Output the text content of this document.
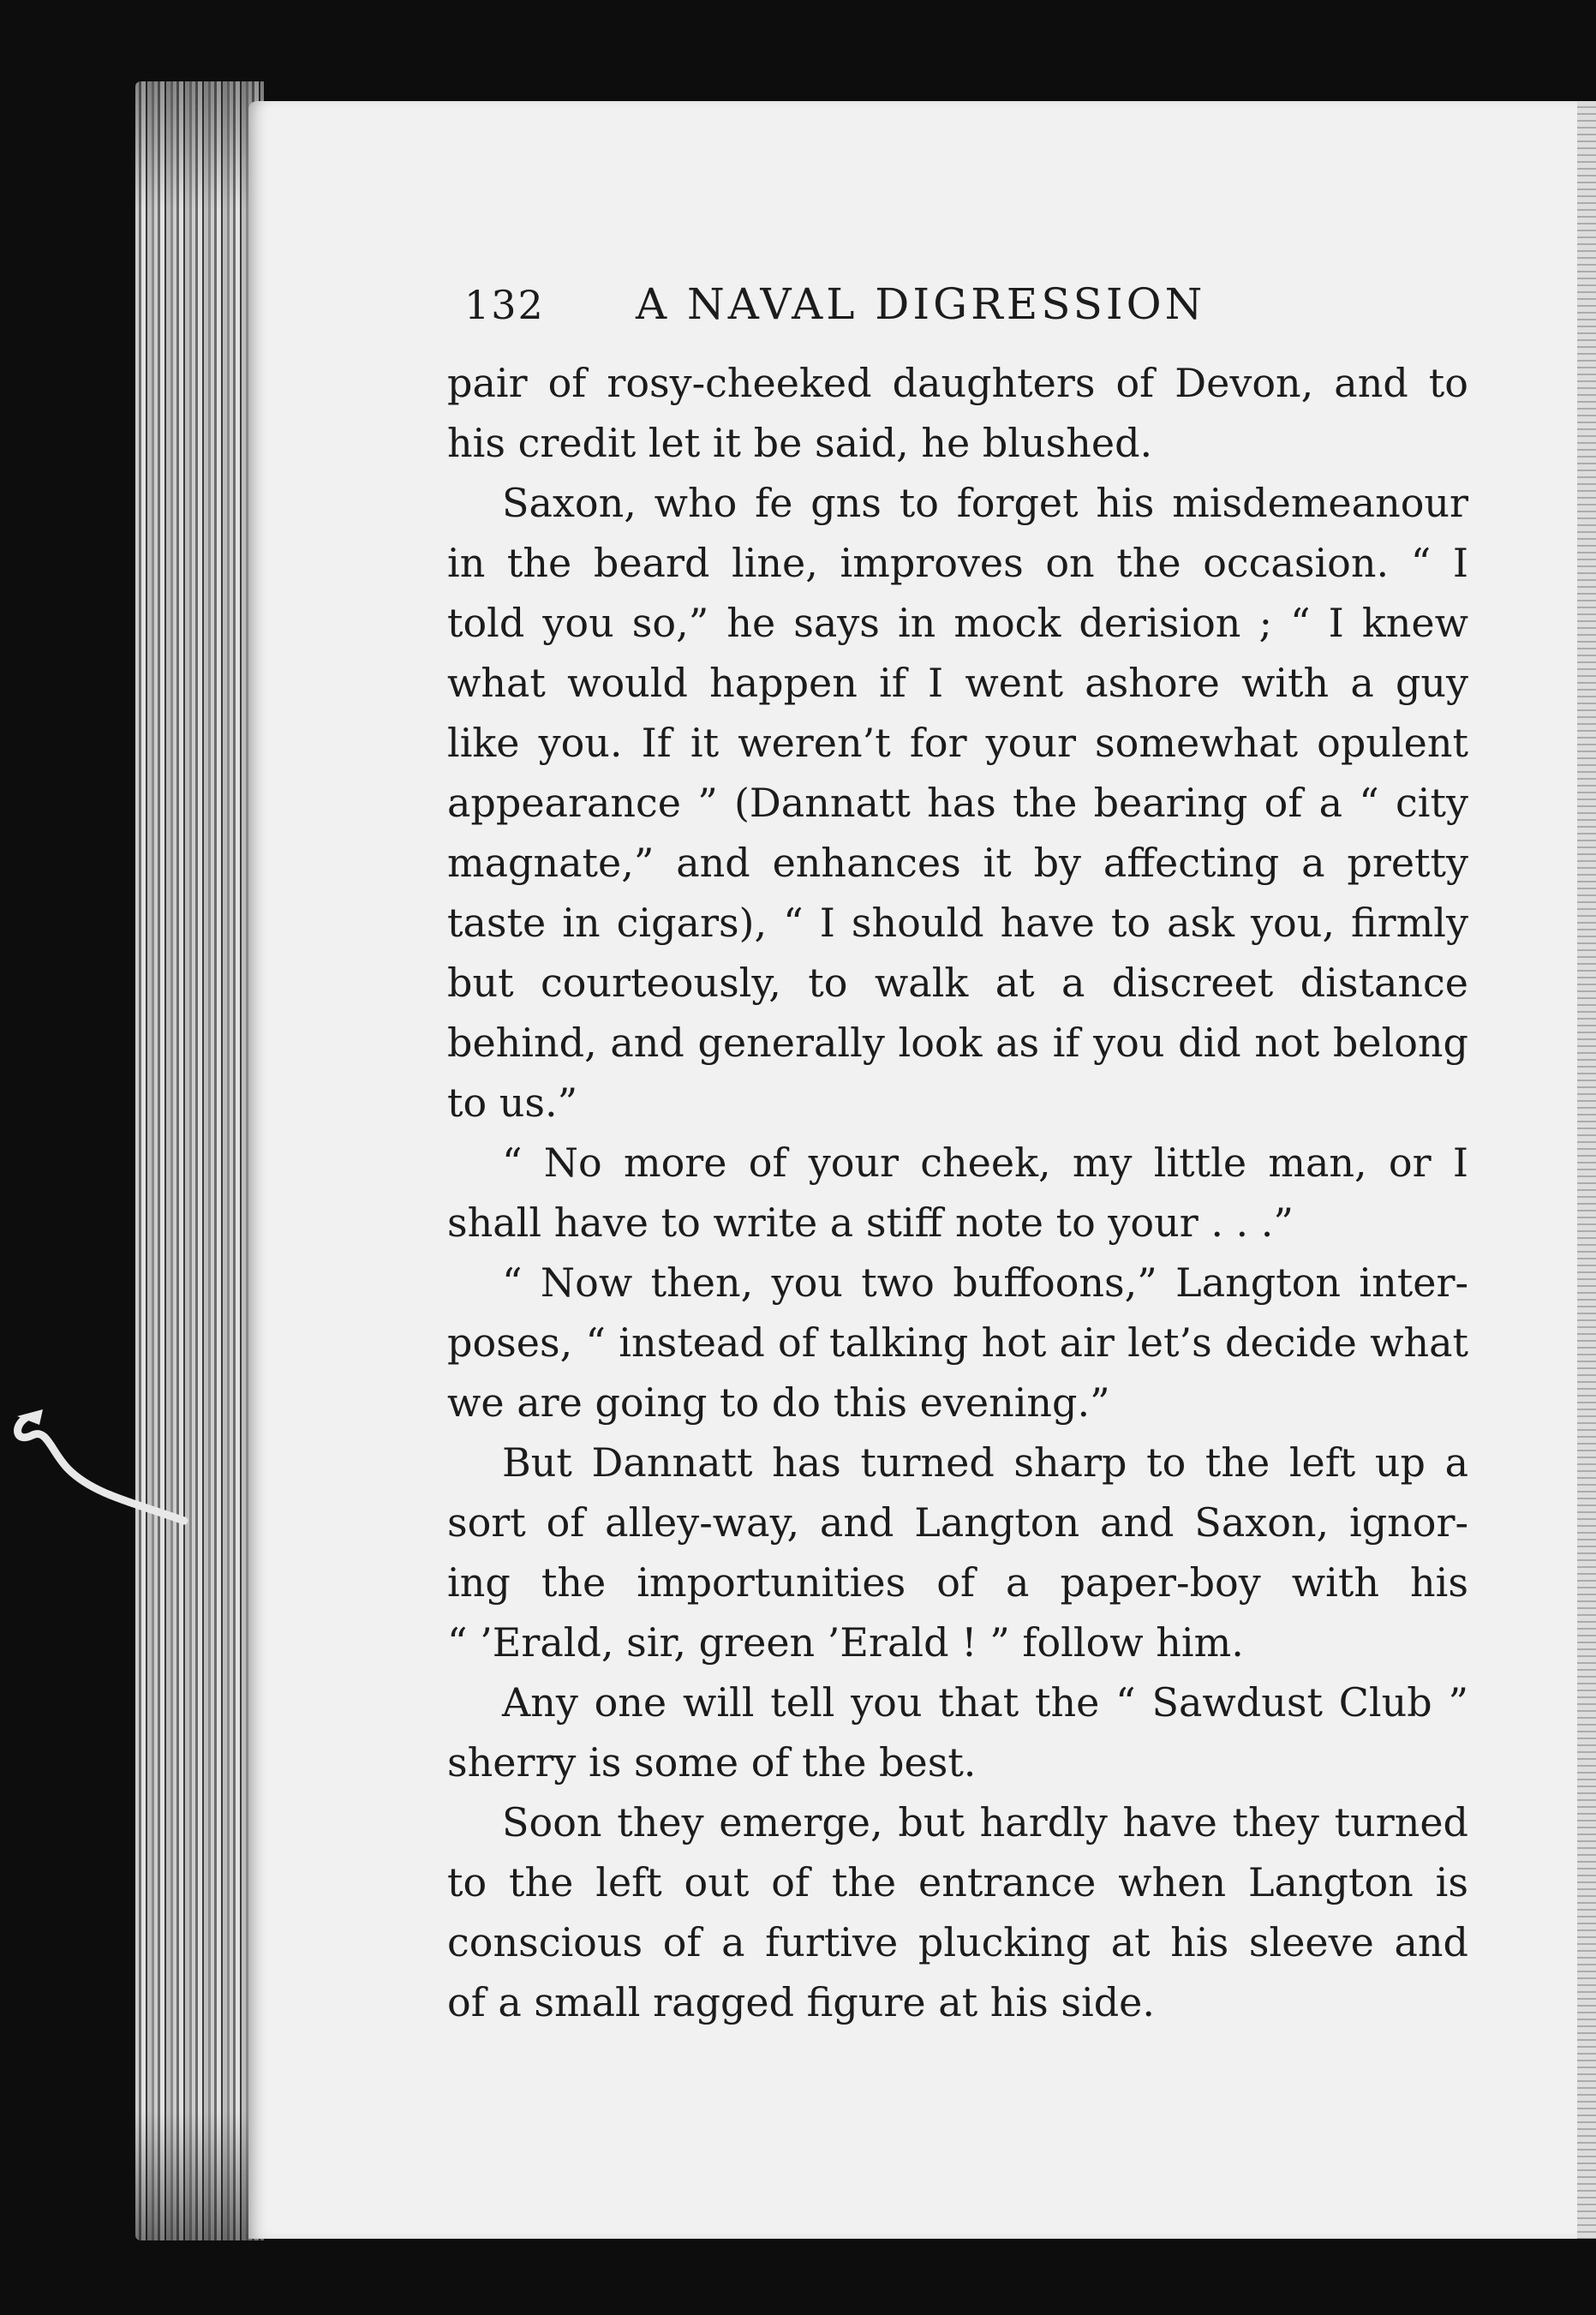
132	A NAVAL DIGRESSION
pair of rosy-cheeked daughters of Devon, and to
his credit let it be said, he blushed.
Saxon, who fe gns to forget his misdemeanour
in the beard line, improves on the occasion. “ I
told you so,” he says in mock derision ; “ I knew
what would happen if I went ashore with a guy
like you. If it weren’t for your somewhat opulent
appearance ” (Dannatt has the bearing of a “ city
magnate,” and enhances it by affecting a pretty
taste in cigars), “ I should have to ask you, firmly
but courteously, to walk at a discreet distance
behind, and generally look as if you did not belong
to us.”
“ No more of your cheek, my little man, or I
shall have to write a stiff note to your . . .”
“ Now then, you two buffoons,” Langton inter-
poses, “ instead of talking hot air let’s decide what
we are going to do this evening.”
But Dannatt has turned sharp to the left up a
sort of alley-way, and Langton and Saxon, ignor-
ing the importunities of a paper-boy with his
“ ’Erald, sir, green ’Erald ! ” follow him.
Any one will tell you that the “ Sawdust Club ”
sherry is some of the best.
Soon they emerge, but hardly have they turned
to the left out of the entrance when Langton is
conscious of a furtive plucking at his sleeve and
of a small ragged figure at his side.
